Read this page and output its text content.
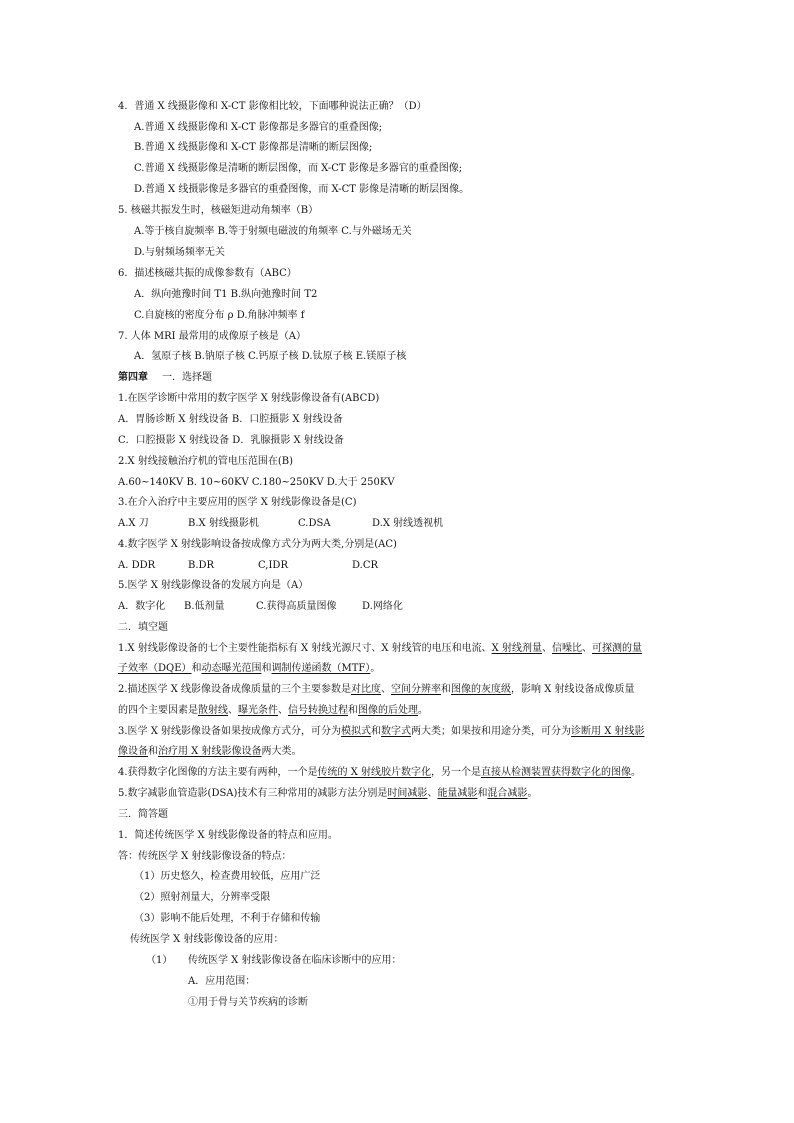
4．普通 X 线摄影像和 X-CT 影像相比较，下面哪种说法正确？（D）
A.普通 X 线摄影像和 X-CT 影像都是多器官的重叠图像;
B.普通 X 线摄影像和 X-CT 影像都是清晰的断层图像;
C.普通 X 线摄影像是清晰的断层图像，而 X-CT 影像是多器官的重叠图像;
D.普通 X 线摄影像是多器官的重叠图像，而 X-CT 影像是清晰的断层图像。
5. 核磁共振发生时，核磁矩进动角频率（B）
A.等于核自旋频率 B.等于射频电磁波的角频率 C.与外磁场无关
D.与射频场频率无关
6．描述核磁共振的成像参数有（ABC）
A．纵向弛豫时间 T1 B.纵向弛豫时间 T2
C.自旋核的密度分布 ρ D.角脉冲频率 f
7. 人体 MRI 最常用的成像原子核是（A）
A．氢原子核 B.钠原子核 C.钙原子核 D.钛原子核 E.镁原子核
第四章 一．选择题
1.在医学诊断中常用的数字医学 X 射线影像设备有(ABCD)
A．胃肠诊断 X 射线设备 B．口腔摄影 X 射线设备
C．口腔摄影 X 射线设备 D．乳腺摄影 X 射线设备
2.X 射线接触治疗机的管电压范围在(B)
A.60~140KV B. 10~60KV C.180~250KV D.大于 250KV
3.在介入治疗中主要应用的医学 X 射线影像设备是(C)
A.X 刀	B.X 射线摄影机	C.DSA	D.X 射线透视机
4.数字医学 X 射线影响设备按成像方式分为两大类,分别是(AC)
A. DDR	B.DR	C,IDR	D.CR
5.医学 X 射线影像设备的发展方向是（A）
A．数字化 B.低剂量	C.获得高质量图像	D.网络化
二．填空题
1.X 射线影像设备的七个主要性能指标有 X 射线光源尺寸、X 射线管的电压和电流、X 射线剂量、信噪比、可探测的量
子效率（DQE）和动态曝光范围和调制传递函数（MTF）。
2.描述医学 X 线影像设备成像质量的三个主要参数是对比度、空间分辨率和图像的灰度级，影响 X 射线设备成像质量
的四个主要因素是散射线、曝光条件、信号转换过程和图像的后处理。
3.医学 X 射线影像设备如果按成像方式分，可分为模拟式和数字式两大类；如果按和用途分类，可分为诊断用 X 射线影
像设备和治疗用 X 射线影像设备两大类。
4.获得数字化图像的方法主要有两种，一个是传统的 X 射线胶片数字化，另一个是直接从检测装置获得数字化的图像。
5.数字减影血管造影(DSA)技术有三种常用的减影方法分别是时间减影、能量减影和混合减影。
三．简答题
1．简述传统医学 X 射线影像设备的特点和应用。
答：传统医学 X 射线影像设备的特点：
（1）历史悠久，检查费用较低，应用广泛
（2）照射剂量大，分辨率受限
（3）影响不能后处理，不利于存储和传输
传统医学 X 射线影像设备的应用：
（1） 传统医学 X 射线影像设备在临床诊断中的应用：
A．应用范围：
①用于骨与关节疾病的诊断
